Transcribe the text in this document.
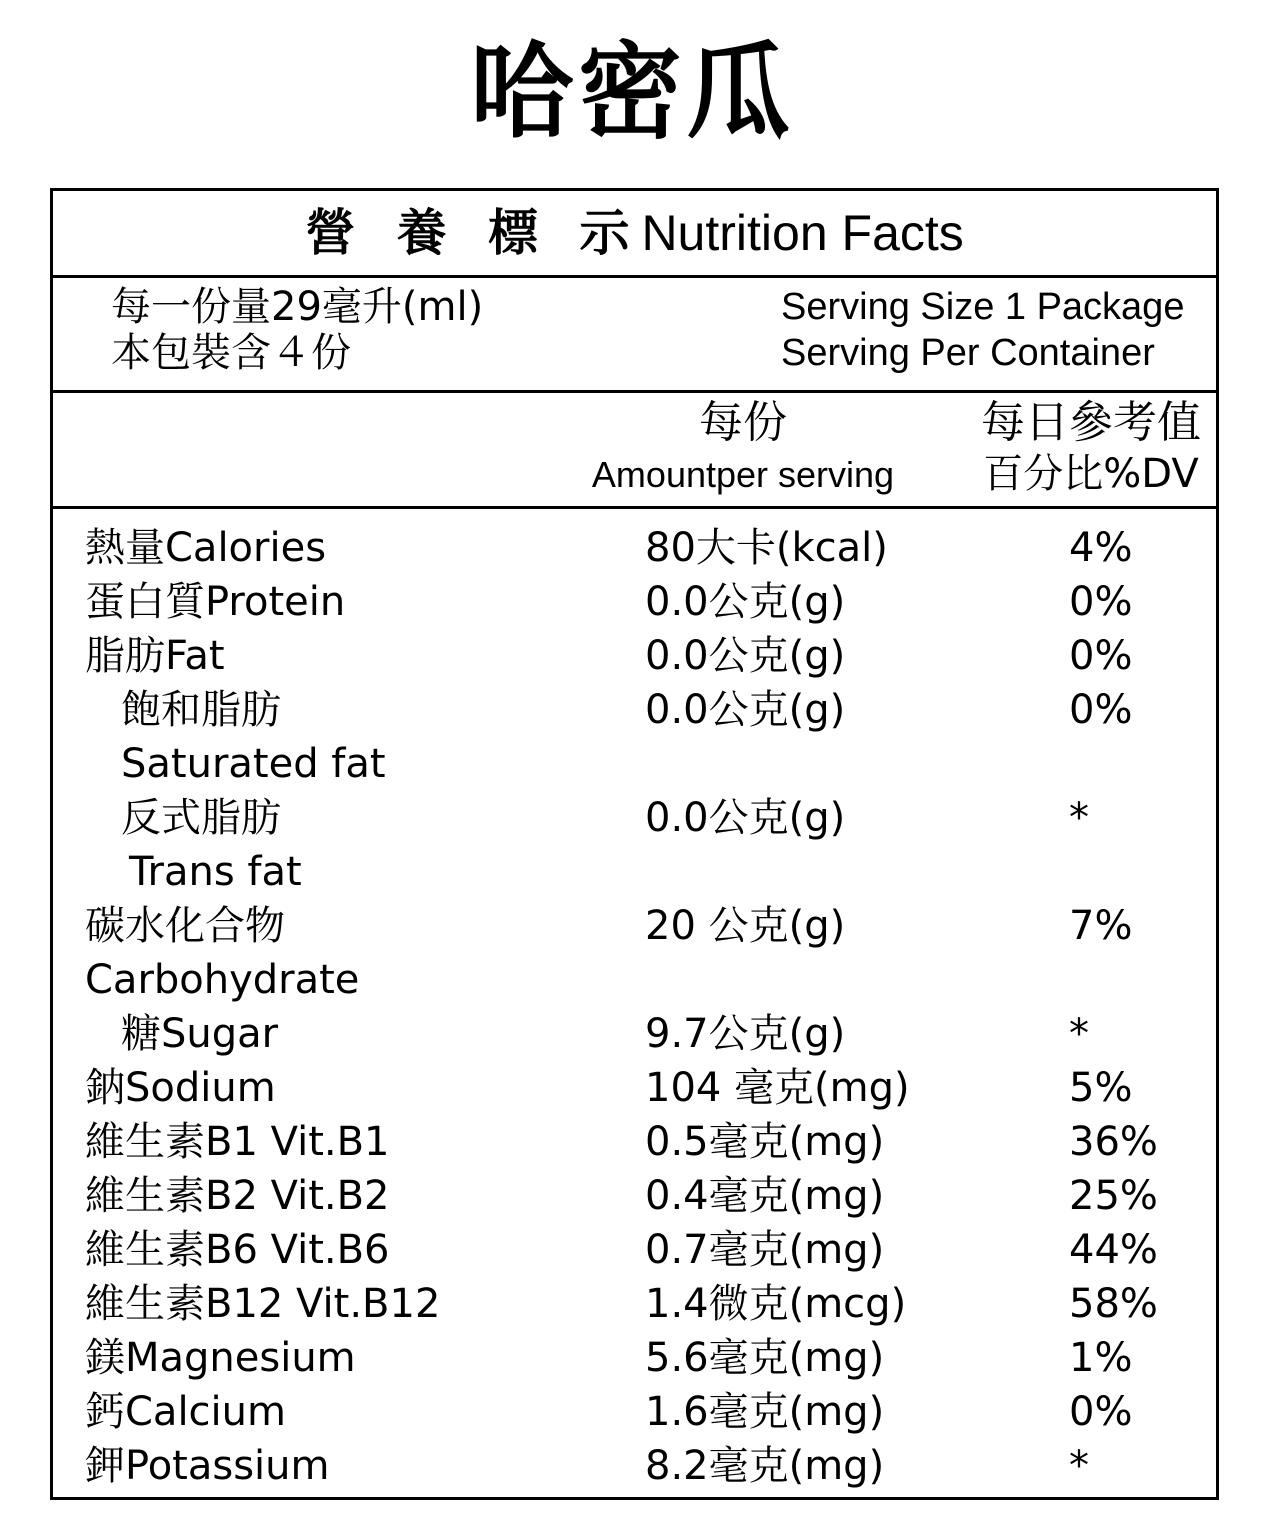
哈密瓜
營 養 標 示Nutrition Facts
每一份量29毫升(ml)
本包裝含４份
Serving Size 1 Package
Serving Per Container
每份
Amountper serving
每日參考值
百分比%DV
熱量Calories	80大卡(kcal)	4%
蛋白質Protein	0.0公克(g)	0%
脂肪Fat	0.0公克(g)	0%
飽和脂肪	0.0公克(g)	0%
Saturated fat
反式脂肪	0.0公克(g)	*
Trans fat
碳水化合物	20 公克(g)	7%
Carbohydrate
糖Sugar	9.7公克(g)	*
鈉Sodium	104 毫克(mg)	5%
維生素B1 Vit.B1	0.5毫克(mg)	36%
維生素B2 Vit.B2	0.4毫克(mg)	25%
維生素B6 Vit.B6	0.7毫克(mg)	44%
維生素B12 Vit.B12	1.4微克(mcg)	58%
鎂Magnesium	5.6毫克(mg)	1%
鈣Calcium	1.6毫克(mg)	0%
鉀Potassium	8.2毫克(mg)	*
